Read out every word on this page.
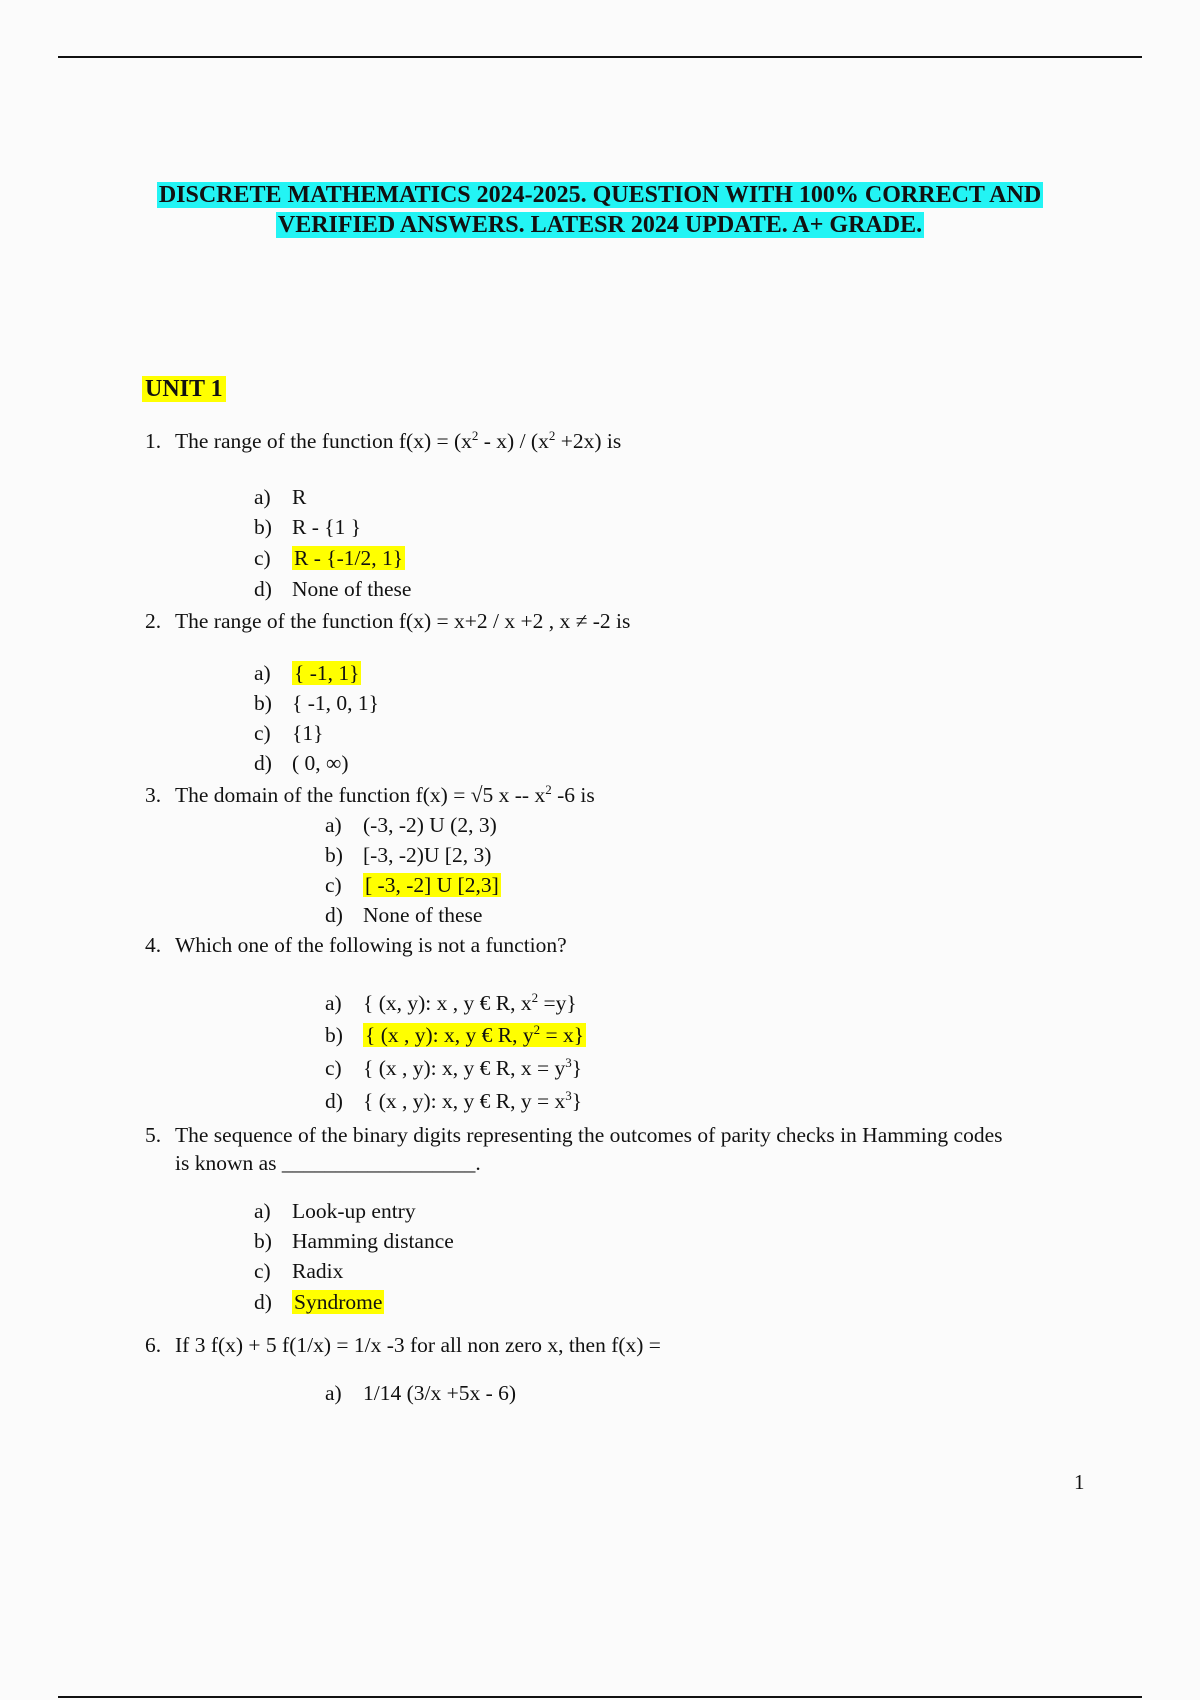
DISCRETE MATHEMATICS 2024-2025. QUESTION WITH 100% CORRECT AND
VERIFIED ANSWERS. LATESR 2024 UPDATE. A+ GRADE.
UNIT 1
1. The range of the function $f(x) = (x^2 - x) / (x^2 +2x)$ is
a) R
b) R - {1 }
c) R - {-1/2, 1}
d) None of these
2. The range of the function f(x) = x+2 / x +2 , x ≠ -2 is
a) { -1, 1}
b) { -1, 0, 1}
c) {1}
d) ( 0, ∞)
3. The domain of the function f(x) = √5 x -- $x^2$ -6 is
a) (-3, -2) U (2, 3)
b) [-3, -2)U [2, 3)
c) [ -3, -2] U [2,3]
d) None of these
4. Which one of the following is not a function?
a) { (x, y): x , y € R, $x^2 =y$}
b) { (x , y): x, y € R, $y^2 = x$}
c) { (x , y): x, y € R, $x = y^3$}
d) { (x , y): x, y € R, $y = x^3$}
5. The sequence of the binary digits representing the outcomes of parity checks in Hamming codes
is known as __________________.
a) Look-up entry
b) Hamming distance
c) Radix
d) Syndrome
6. If 3 f(x) + 5 f(1/x) = 1/x -3 for all non zero x, then f(x) =
a) 1/14 (3/x +5x - 6)
1
